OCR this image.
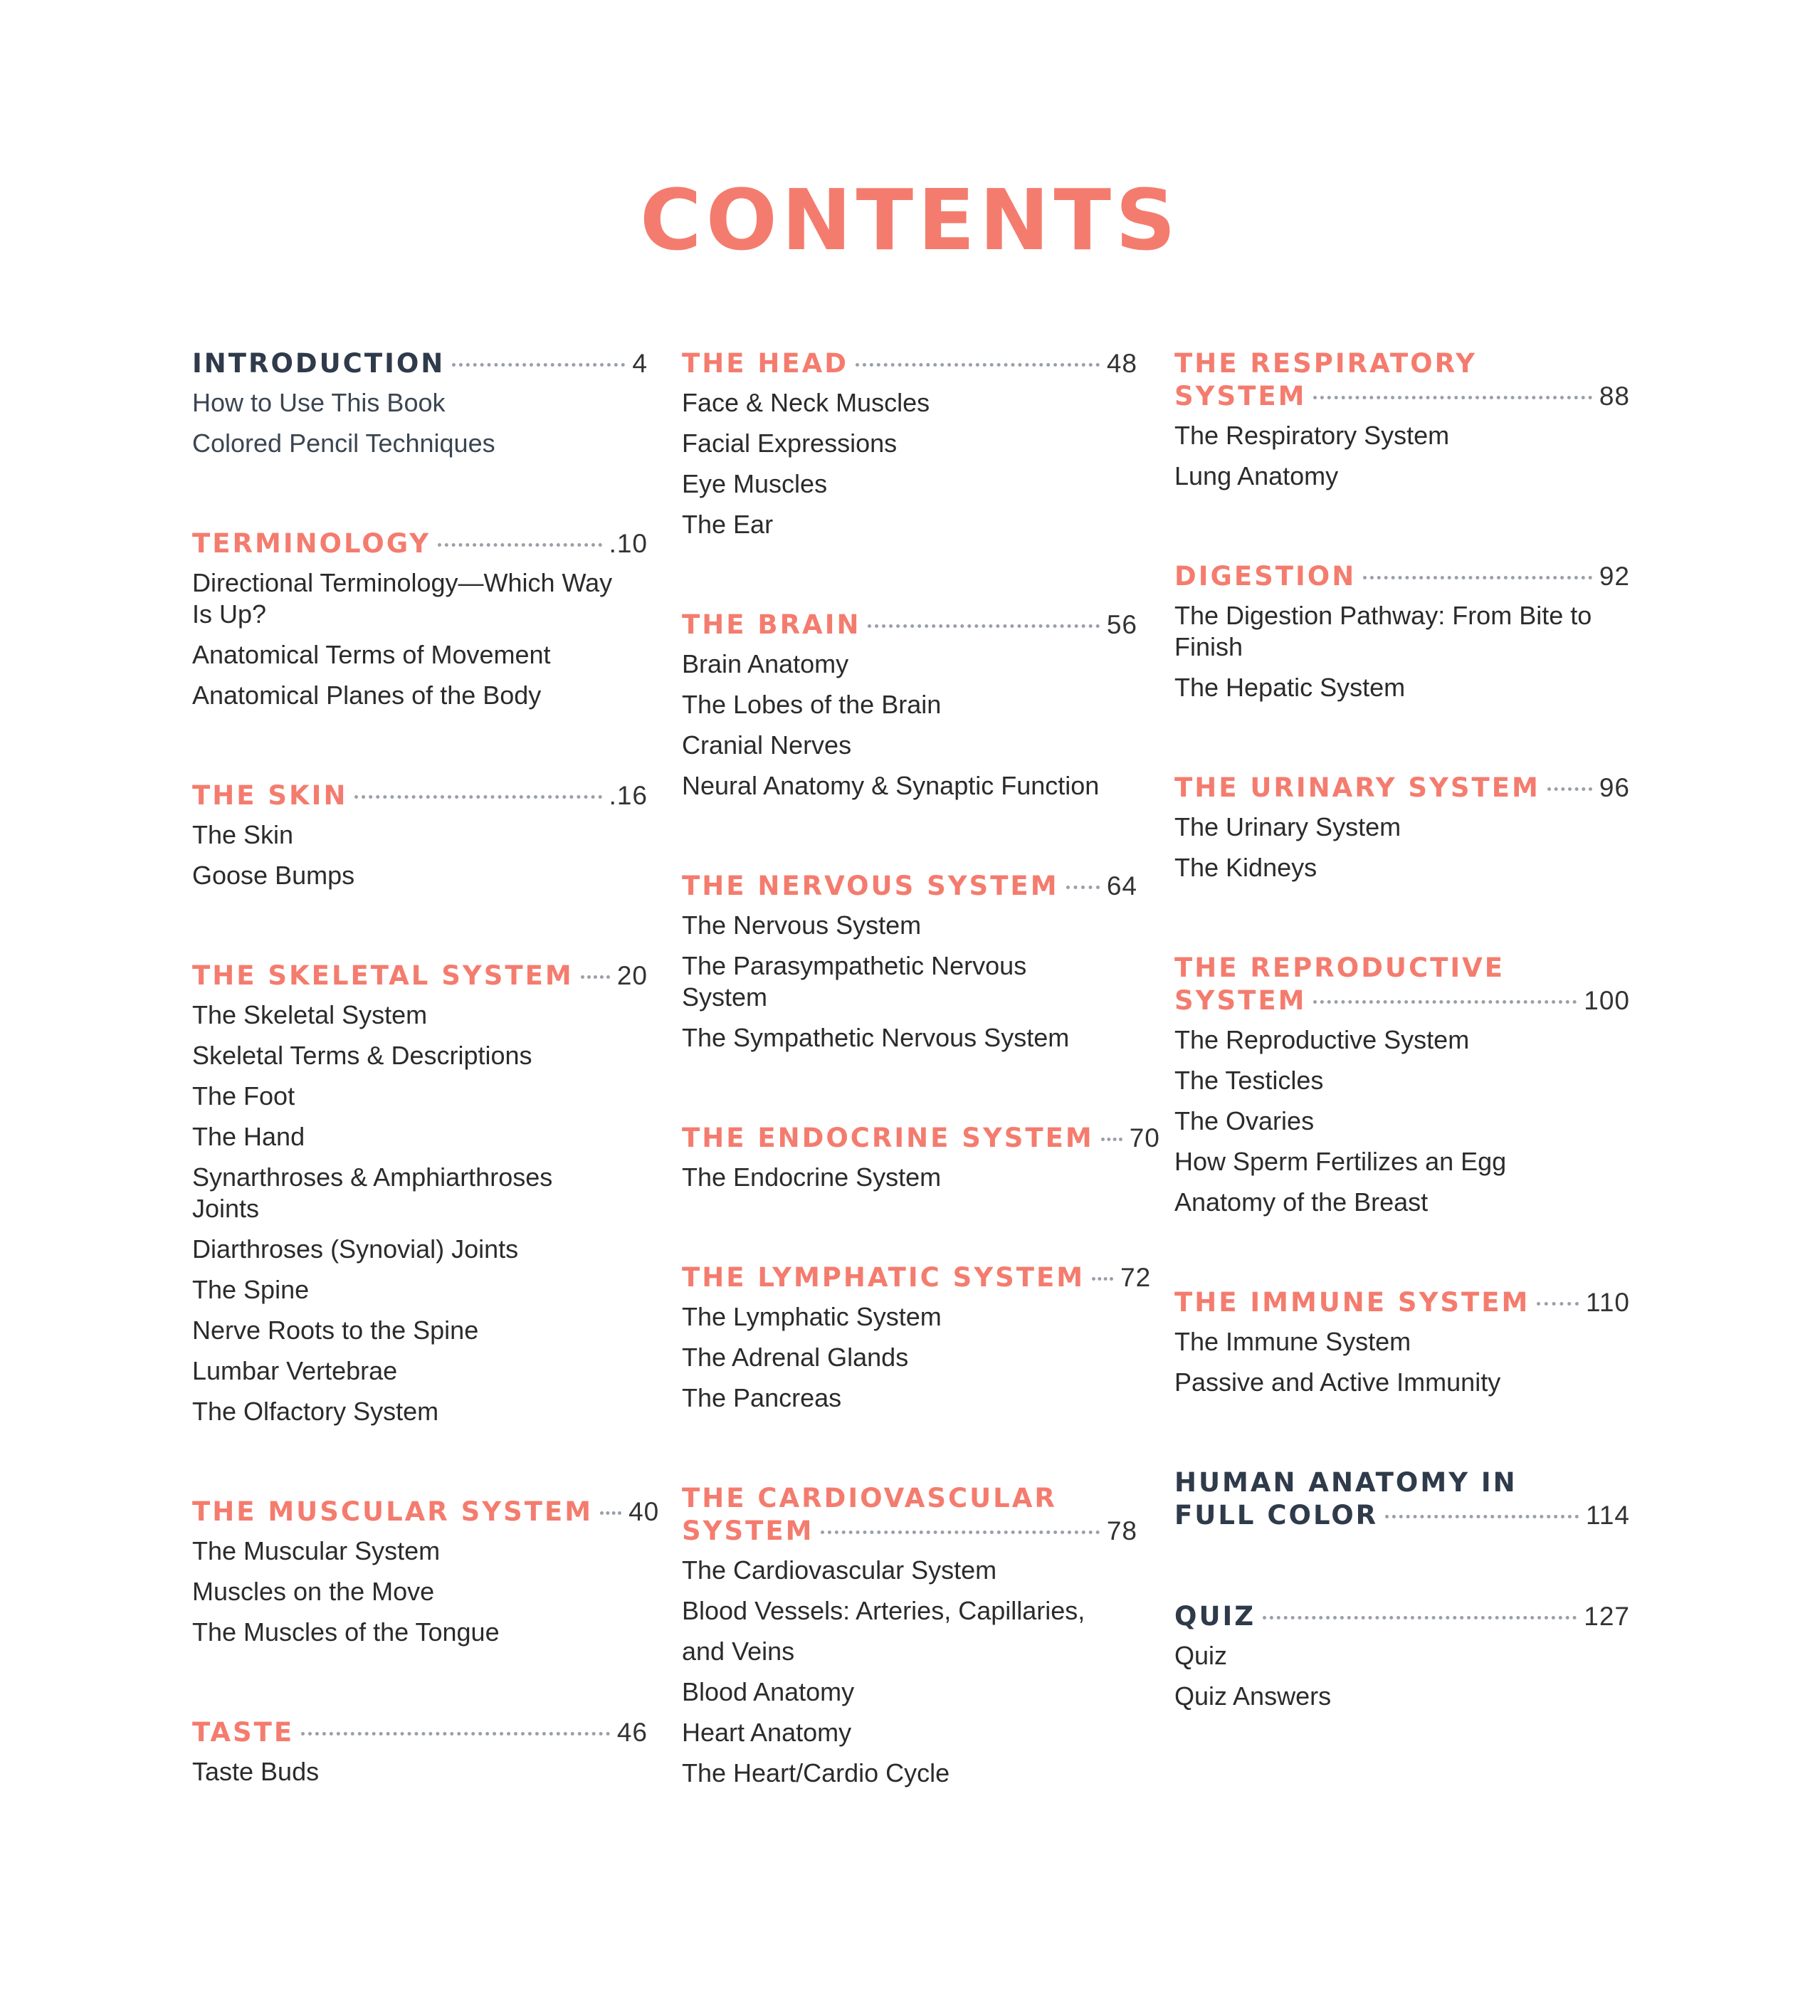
CONTENTS
INTRODUCTION	4
How to Use This Book
Colored Pencil Techniques
TERMINOLOGY	.10
Directional Terminology—Which Way Is Up?
Anatomical Terms of Movement
Anatomical Planes of the Body
THE SKIN	.16
The Skin
Goose Bumps
THE SKELETAL SYSTEM 20
The Skeletal System
Skeletal Terms & Descriptions
The Foot
The Hand
Synarthroses & Amphiarthroses Joints
Diarthroses (Synovial) Joints
The Spine
Nerve Roots to the Spine
Lumbar Vertebrae
The Olfactory System
THE MUSCULAR SYSTEM 40
The Muscular System
Muscles on the Move
The Muscles of the Tongue
TASTE	46
Taste Buds
THE HEAD	48
Face & Neck Muscles
Facial Expressions
Eye Muscles
The Ear
THE BRAIN	56
Brain Anatomy
The Lobes of the Brain
Cranial Nerves
Neural Anatomy & Synaptic Function
THE NERVOUS SYSTEM 64
The Nervous System
The Parasympathetic Nervous System
The Sympathetic Nervous System
THE ENDOCRINE SYSTEM 70
The Endocrine System
THE LYMPHATIC SYSTEM 72
The Lymphatic System
The Adrenal Glands
The Pancreas
THE CARDIOVASCULAR
SYSTEM	78
The Cardiovascular System
Blood Vessels: Arteries, Capillaries,
and Veins
Blood Anatomy
Heart Anatomy
The Heart/Cardio Cycle
THE RESPIRATORY
SYSTEM	88
The Respiratory System
Lung Anatomy
DIGESTION	92
The Digestion Pathway: From Bite to Finish
The Hepatic System
THE URINARY SYSTEM 96
The Urinary System
The Kidneys
THE REPRODUCTIVE
SYSTEM	100
The Reproductive System
The Testicles
The Ovaries
How Sperm Fertilizes an Egg
Anatomy of the Breast
THE IMMUNE SYSTEM 110
The Immune System
Passive and Active Immunity
HUMAN ANATOMY IN
FULL COLOR	114
QUIZ	127
Quiz
Quiz Answers
